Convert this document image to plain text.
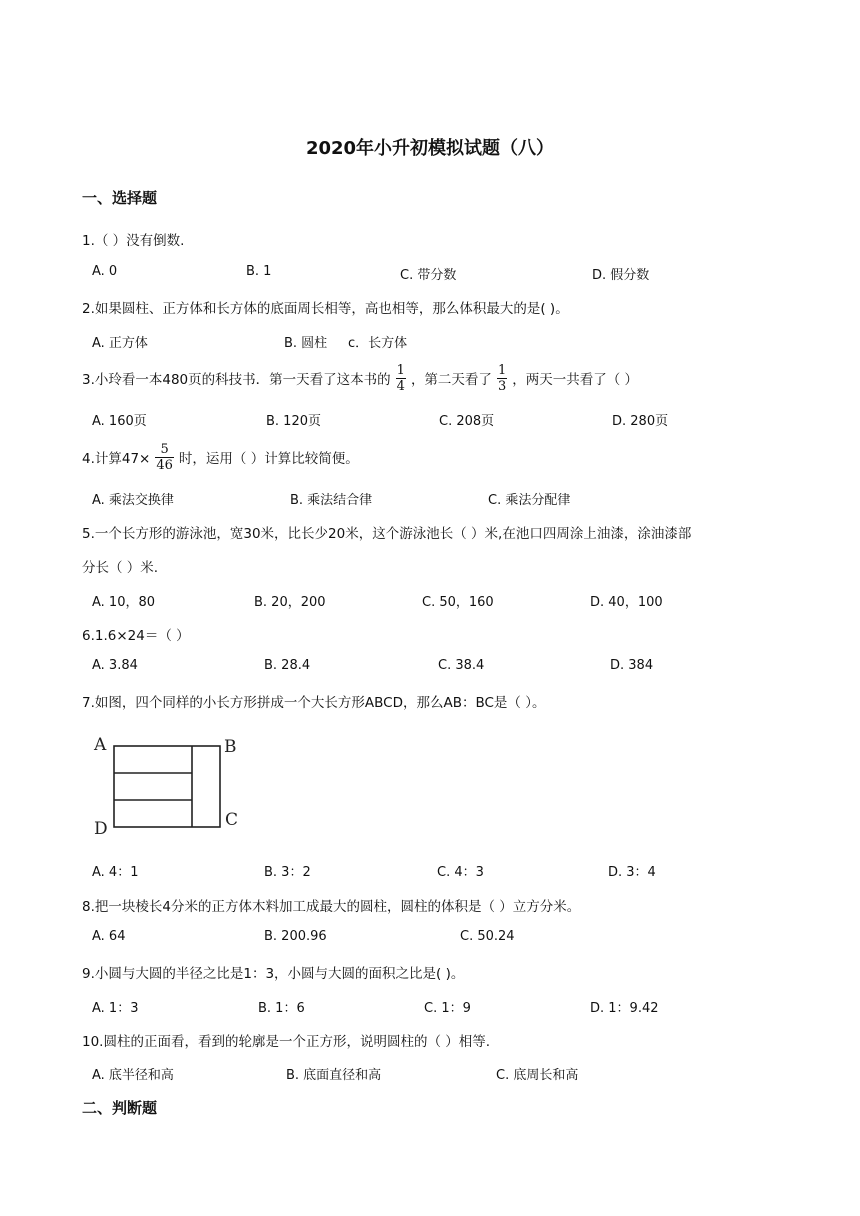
2020年小升初模拟试题（八）
一、选择题
1.（ ）没有倒数.
A. 0	B. 1	C. 带分数	D. 假分数
2.如果圆柱、正方体和长方体的底面周长相等，高也相等，那么体积最大的是( )。
A. 正方体	B. 圆柱 c．长方体
3.小玲看一本480页的科技书．第一天看了这本书的 $\frac{1}{4}$ ，第二天看了 $\frac{1}{3}$ ，两天一共看了（ ）
A. 160页	B. 120页	C. 208页	D. 280页
4.计算$47\times \frac{5}{46}$ 时，运用（ ）计算比较简便。
A. 乘法交换律	B. 乘法结合律	C. 乘法分配律
5.一个长方形的游泳池，宽30米，比长少20米，这个游泳池长（ ）米,在池口四周涂上油漆，涂油漆部
分长（ ）米.
A. 10，80	B. 20，200	C. 50，160	D. 40，100
6.1.6×24＝（ ）
A. 3.84	B. 28.4	C. 38.4	D. 384
7.如图，四个同样的小长方形拼成一个大长方形ABCD，那么AB：BC是（ ）。
A	B
C
D
A. 4：1	B. 3：2	C. 4：3	D. 3：4
8.把一块棱长4分米的正方体木料加工成最大的圆柱，圆柱的体积是（ ）立方分米。
A. 64	B. 200.96	C. 50.24
9.小圆与大圆的半径之比是1：3，小圆与大圆的面积之比是( )。
A. 1：3	B. 1：6	C. 1：9	D. 1：9.42
10.圆柱的正面看，看到的轮廓是一个正方形，说明圆柱的（ ）相等.
A. 底半径和高	B. 底面直径和高	C. 底周长和高
二、判断题
